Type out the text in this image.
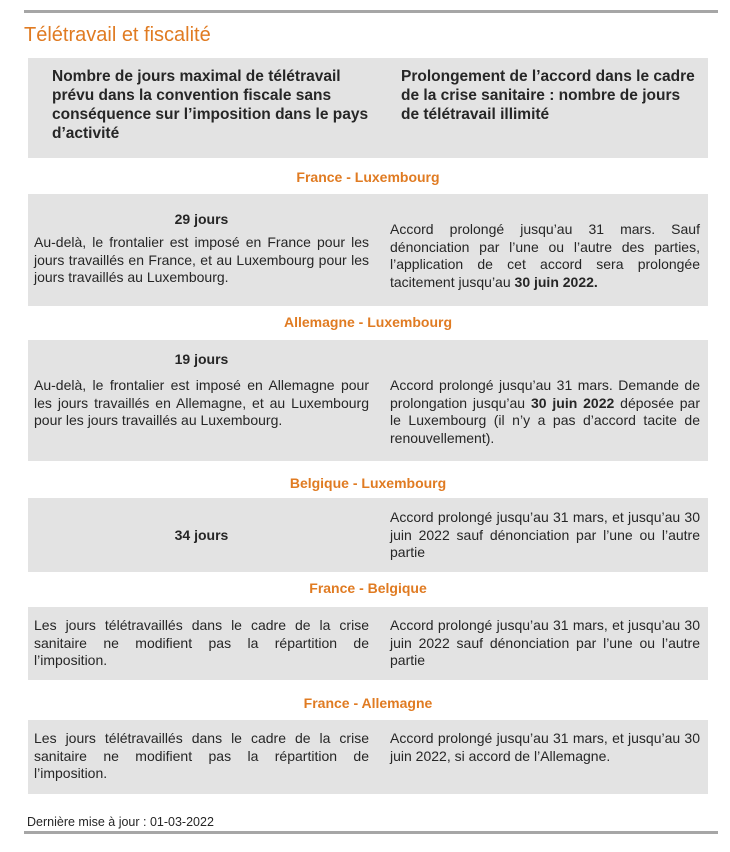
Télétravail et fiscalité
Nombre de jours maximal de télétravail prévu dans la convention fiscale sans conséquence sur l’imposition dans le pays d’activité
Prolongement de l’accord dans le cadre de la crise sanitaire : nombre de jours de télétravail illimité
France - Luxembourg
29 jours
Au-delà, le frontalier est imposé en France pour les jours travaillés en France, et au Luxembourg pour les jours travaillés au Luxembourg.
Accord prolongé jusqu’au 31 mars. Sauf dénonciation par l’une ou l’autre des parties, l’application de cet accord sera prolongée tacitement jusqu’au 30 juin 2022.
Allemagne - Luxembourg
19 jours
Au-delà, le frontalier est imposé en Allemagne pour les jours travaillés en Allemagne, et au Luxembourg pour les jours travaillés au Luxembourg.
Accord prolongé jusqu’au 31 mars. Demande de prolongation jusqu’au 30 juin 2022 déposée par le Luxembourg (il n’y a pas d’accord tacite de renouvellement).
Belgique - Luxembourg
34 jours
Accord prolongé jusqu’au 31 mars, et jusqu’au 30 juin 2022 sauf dénonciation par l’une ou l’autre partie
France - Belgique
Les jours télétravaillés dans le cadre de la crise sanitaire ne modifient pas la répartition de l’imposition.
Accord prolongé jusqu’au 31 mars, et jusqu’au 30 juin 2022 sauf dénonciation par l’une ou l’autre partie
France - Allemagne
Les jours télétravaillés dans le cadre de la crise sanitaire ne modifient pas la répartition de l’imposition.
Accord prolongé jusqu’au 31 mars, et jusqu’au 30 juin 2022, si accord de l’Allemagne.
Dernière mise à jour : 01-03-2022
